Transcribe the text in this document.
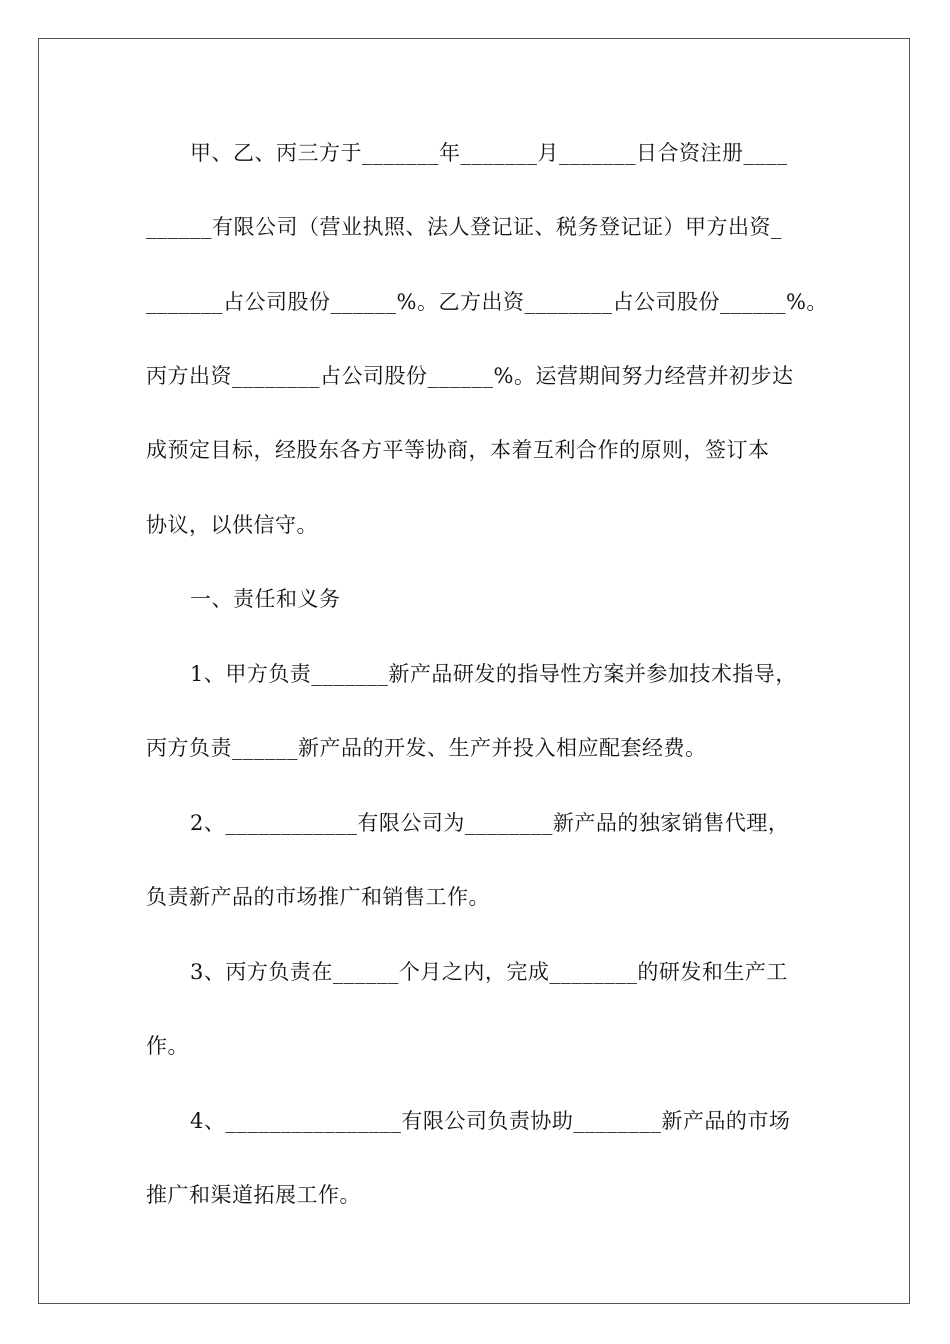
甲、乙、丙三方于_______年_______月_______日合资注册____
______有限公司（营业执照、法人登记证、税务登记证）甲方出资_
_______占公司股份______%。乙方出资________占公司股份______%。
丙方出资________占公司股份______%。运营期间努力经营并初步达
成预定目标，经股东各方平等协商，本着互利合作的原则，签订本
协议，以供信守。
一、责任和义务
1、甲方负责_______新产品研发的指导性方案并参加技术指导，
丙方负责______新产品的开发、生产并投入相应配套经费。
2、____________有限公司为________新产品的独家销售代理，
负责新产品的市场推广和销售工作。
3、丙方负责在______个月之内，完成________的研发和生产工
作。
4、________________有限公司负责协助________新产品的市场
推广和渠道拓展工作。
